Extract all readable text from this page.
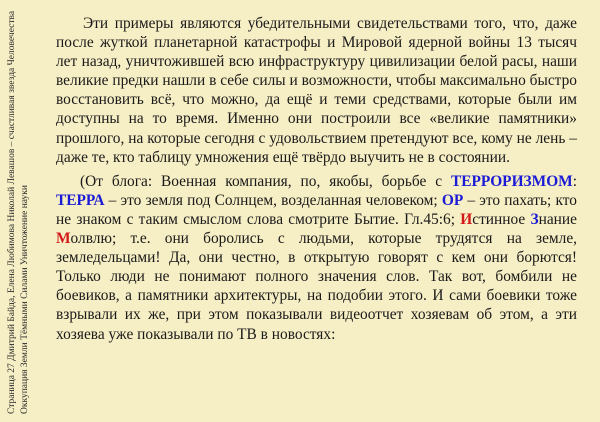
Страница 27 Дмитрий Байда, Елена Любимова Николай Левашов – счастливая звезда Человечества Оккупация Земли Тёмными Силами Уничтожение науки

Эти примеры являются убедительными свидетельствами того, что, даже после жуткой планетарной катастрофы и Мировой ядерной войны 13 тысяч лет назад, уничтожившей всю инфраструктуру цивилизации белой расы, наши великие предки нашли в себе силы и возможности, чтобы максимально быстро восстановить всё, что можно, да ещё и теми средствами, которые были им доступны на то время. Именно они построили все «великие памятники» прошлого, на которые сегодня с удовольствием претендуют все, кому не лень – даже те, кто таблицу умножения ещё твёрдо выучить не в состоянии.

(От блога: Военная компания, по, якобы, борьбе с ТЕРРОРИЗМОМ: ТЕРРА – это земля под Солнцем, возделанная человеком; ОР – это пахать; кто не знаком с таким смыслом слова смотрите Бытие. Гл.45:6; Истинное Знание Молвлю; т.е. они боролись с людьми, которые трудятся на земле, земледельцами! Да, они честно, в открытую говорят с кем они борются! Только люди не понимают полного значения слов. Так вот, бомбили не боевиков, а памятники архитектуры, на подобии этого. И сами боевики тоже взрывали их же, при этом показывали видеоотчет хозяевам об этом, а эти хозяева уже показывали по ТВ в новостях:
